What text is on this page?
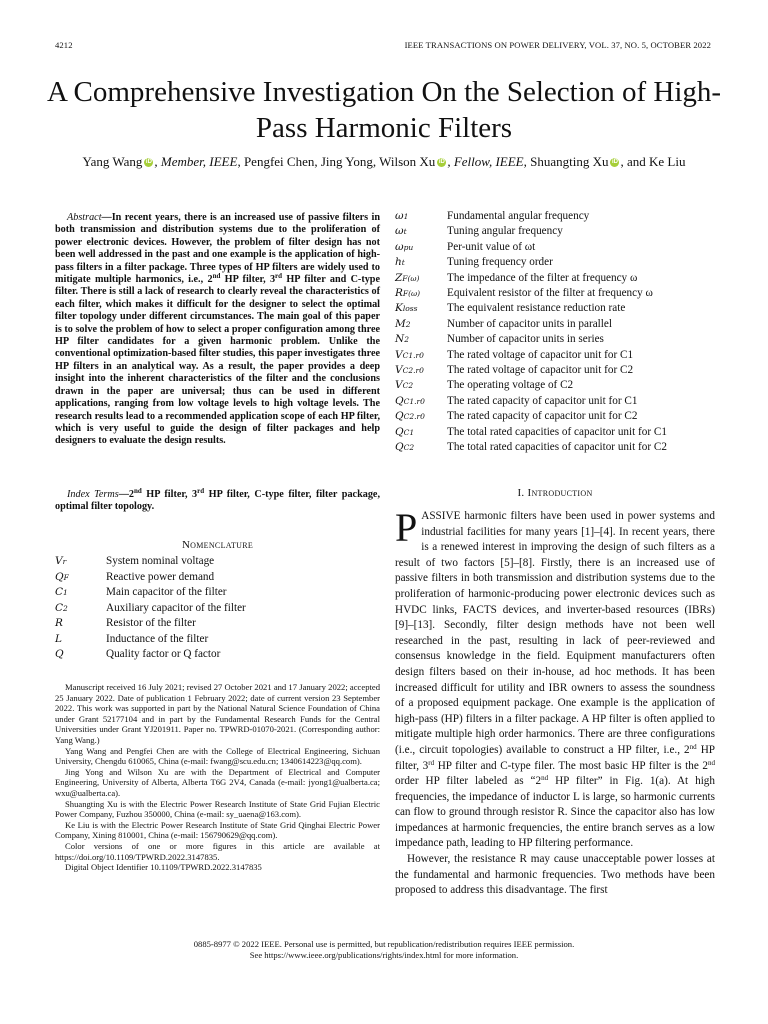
4212	IEEE TRANSACTIONS ON POWER DELIVERY, VOL. 37, NO. 5, OCTOBER 2022
A Comprehensive Investigation On the Selection of High-Pass Harmonic Filters
Yang Wang iD , Member, IEEE, Pengfei Chen, Jing Yong, Wilson Xu iD , Fellow, IEEE, Shuangting Xu iD , and Ke Liu

Abstract—In recent years, there is an increased use of passive filters in both transmission and distribution systems due to the proliferation of power electronic devices. However, the problem of filter design has not been well addressed in the past and one example is the application of high-pass filters in a filter package. Three types of HP filters are widely used to mitigate multiple harmonics, i.e., 2nd HP filter, 3rd HP filter and C-type filter. There is still a lack of research to clearly reveal the characteristics of each filter, which makes it difficult for the designer to select the optimal filter topology under different circumstances. The main goal of this paper is to solve the problem of how to select a proper configuration among three HP filter candidates for a given harmonic problem. Unlike the conventional optimization-based filter studies, this paper investigates three HP filters in an analytical way. As a result, the paper provides a deep insight into the inherent characteristics of the filter and the conclusions drawn in the paper are universal; thus can be used in different applications, ranging from low voltage levels to high voltage levels. The research results lead to a recommended application scope of each HP filter, which is very useful to guide the design of filter packages and help designers to evaluate the design results.

Index Terms—2nd HP filter, 3rd HP filter, C-type filter, filter package, optimal filter topology.

Nomenclature
Vr	System nominal voltage
QF	Reactive power demand
C1	Main capacitor of the filter
C2	Auxiliary capacitor of the filter
R	Resistor of the filter
L	Inductance of the filter
Q	Quality factor or Q factor

Manuscript received 16 July 2021; revised 27 October 2021 and 17 January 2022; accepted 25 January 2022. Date of publication 1 February 2022; date of current version 23 September 2022. This work was supported in part by the National Natural Science Foundation of China under Grant 52177104 and in part by the Fundamental Research Funds for the Central Universities under Grant YJ201911. Paper no. TPWRD-01070-2021. (Corresponding author: Yang Wang.)

Yang Wang and Pengfei Chen are with the College of Electrical Engineering, Sichuan University, Chengdu 610065, China (e-mail: fwang@scu.edu.cn; 1340614223@qq.com).

Jing Yong and Wilson Xu are with the Department of Electrical and Computer Engineering, University of Alberta, Alberta T6G 2V4, Canada (e-mail: jyong1@ualberta.ca; wxu@ualberta.ca).

Shuangting Xu is with the Electric Power Research Institute of State Grid Fujian Electric Power Company, Fuzhou 350000, China (e-mail: sy_uaena@163.com).

Ke Liu is with the Electric Power Research Institute of State Grid Qinghai Electric Power Company, Xining 810001, China (e-mail: 156790629@qq.com).

Color versions of one or more figures in this article are available at https://doi.org/10.1109/TPWRD.2022.3147835.

Digital Object Identifier 10.1109/TPWRD.2022.3147835

ω1	Fundamental angular frequency
ωt	Tuning angular frequency
ωpu	Per-unit value of ωt
ht	Tuning frequency order
ZF(ω)	The impedance of the filter at frequency ω
RF(ω)	Equivalent resistor of the filter at frequency ω
Kloss	The equivalent resistance reduction rate
M2	Number of capacitor units in parallel
N2	Number of capacitor units in series
VC1.r0	The rated voltage of capacitor unit for C1
VC2.r0	The rated voltage of capacitor unit for C2
VC2	The operating voltage of C2
QC1.r0	The rated capacity of capacitor unit for C1
QC2.r0	The rated capacity of capacitor unit for C2
QC1	The total rated capacities of capacitor unit for C1
QC2	The total rated capacities of capacitor unit for C2
I. Introduction

PASSIVE harmonic filters have been used in power systems and industrial facilities for many years [1]–[4]. In recent years, there is a renewed interest in improving the design of such filters as a result of two factors [5]–[8]. Firstly, there is an increased use of passive filters in both transmission and distribution systems due to the proliferation of harmonic-producing power electronic devices such as HVDC links, FACTS devices, and inverter-based resources (IBRs) [9]–[13]. Secondly, filter design methods have not been well researched in the past, resulting in lack of peer-reviewed and consensus knowledge in the field. Equipment manufacturers often design filters based on their in-house, ad hoc methods. It has been increased difficult for utility and IBR owners to assess the soundness of a proposed equipment package. One example is the application of high-pass (HP) filters in a filter package. A HP filter is often applied to mitigate multiple high order harmonics. There are three configurations (i.e., circuit topologies) available to construct a HP filter, i.e., 2nd HP filter, 3rd HP filter and C-type filer. The most basic HP filter is the 2nd order HP filter labeled as “2nd HP filter” in Fig. 1(a). At high frequencies, the impedance of inductor L is large, so harmonic currents can flow to ground through resistor R. Since the capacitor also has low impedances at harmonic frequencies, the entire branch serves as a low impedance path, leading to HP filtering performance.

However, the resistance R may cause unacceptable power losses at the fundamental and harmonic frequencies. Two methods have been proposed to address this disadvantage. The first

0885-8977 © 2022 IEEE. Personal use is permitted, but republication/redistribution requires IEEE permission.
See https://www.ieee.org/publications/rights/index.html for more information.
